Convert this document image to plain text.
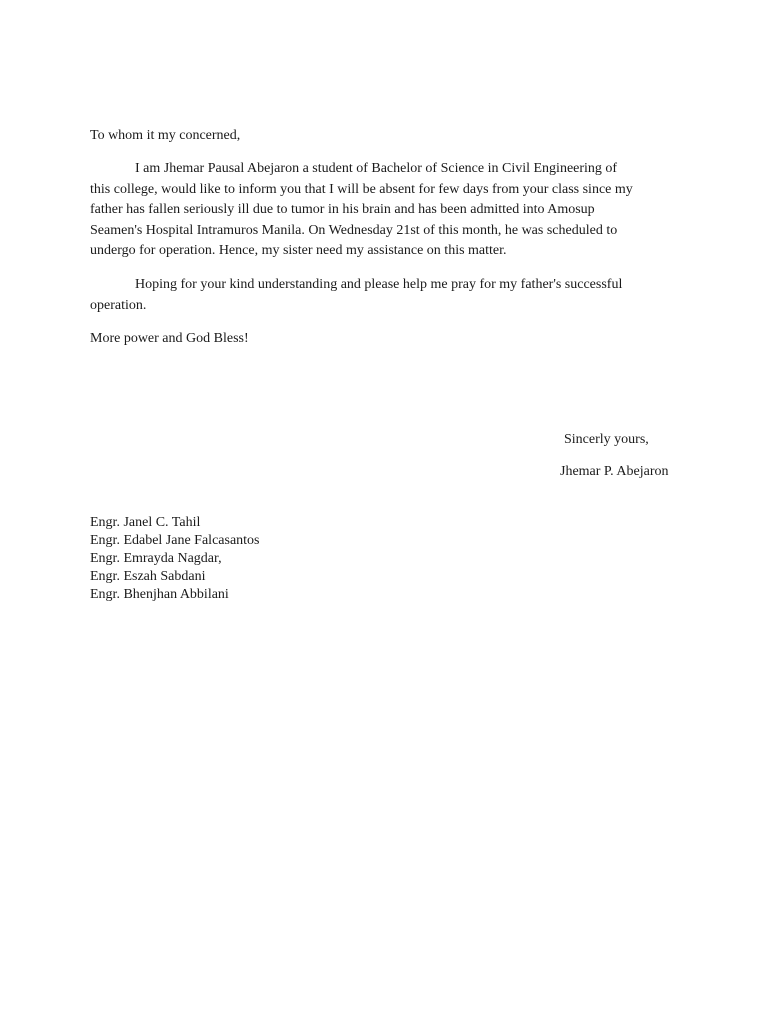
To whom it my concerned,
I am Jhemar Pausal Abejaron a student of Bachelor of Science in Civil Engineering of
this college, would like to inform you that I will be absent for few days from your class since my
father has fallen seriously ill due to tumor in his brain and has been admitted into Amosup
Seamen's Hospital Intramuros Manila. On Wednesday 21st of this month, he was scheduled to
undergo for operation. Hence, my sister need my assistance on this matter.
Hoping for your kind understanding and please help me pray for my father's successful
operation.
More power and God Bless!
Sincerly yours,
Jhemar P. Abejaron
Engr. Janel C. Tahil
Engr. Edabel Jane Falcasantos
Engr. Emrayda Nagdar,
Engr. Eszah Sabdani
Engr. Bhenjhan Abbilani
